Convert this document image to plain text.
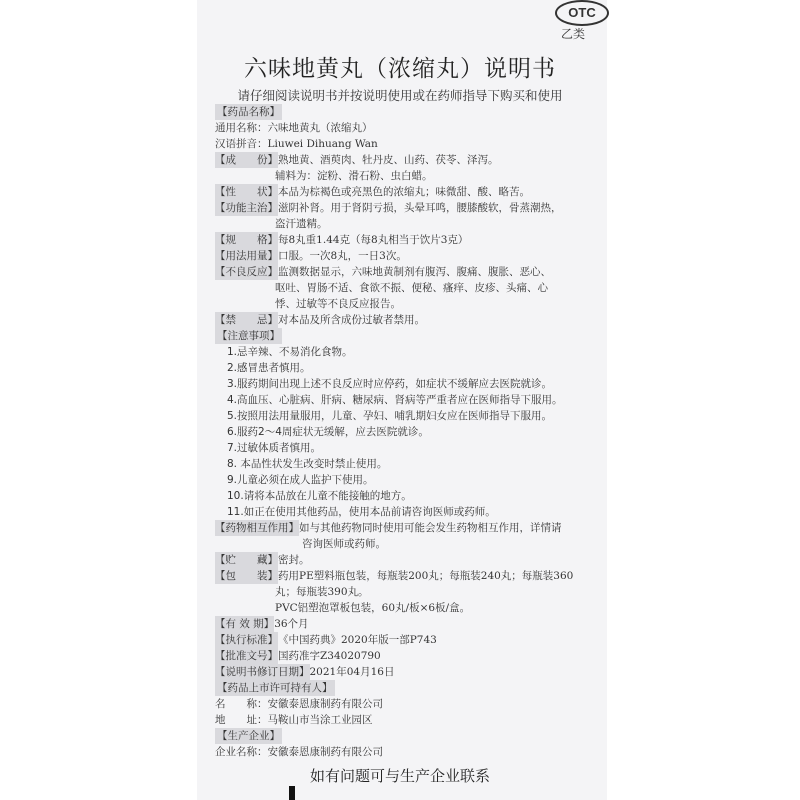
OTC
乙类
六味地黄丸（浓缩丸）说明书
请仔细阅读说明书并按说明使用或在药师指导下购买和使用
【药品名称】
通用名称：六味地黄丸（浓缩丸）
汉语拼音：Liuwei Dihuang Wan
【成　　份】熟地黄、酒萸肉、牡丹皮、山药、茯苓、泽泻。
辅料为：淀粉、滑石粉、虫白蜡。
【性　　状】本品为棕褐色或亮黑色的浓缩丸；味微甜、酸、略苦。
【功能主治】滋阴补肾。用于肾阴亏损，头晕耳鸣，腰膝酸软，骨蒸潮热，
盗汗遗精。
【规　　格】每8丸重1.44克（每8丸相当于饮片3克）
【用法用量】口服。一次8丸，一日3次。
【不良反应】监测数据显示，六味地黄制剂有腹泻、腹痛、腹胀、恶心、
呕吐、胃肠不适、食欲不振、便秘、瘙痒、皮疹、头痛、心
悸、过敏等不良反应报告。
【禁　　忌】对本品及所含成份过敏者禁用。
【注意事项】
1.忌辛辣、不易消化食物。
2.感冒患者慎用。
3.服药期间出现上述不良反应时应停药，如症状不缓解应去医院就诊。
4.高血压、心脏病、肝病、糖尿病、肾病等严重者应在医师指导下服用。
5.按照用法用量服用，儿童、孕妇、哺乳期妇女应在医师指导下服用。
6.服药2～4周症状无缓解，应去医院就诊。
7.过敏体质者慎用。
8. 本品性状发生改变时禁止使用。
9.儿童必须在成人监护下使用。
10.请将本品放在儿童不能接触的地方。
11.如正在使用其他药品，使用本品前请咨询医师或药师。
【药物相互作用】如与其他药物同时使用可能会发生药物相互作用，详情请
咨询医师或药师。
【贮　　藏】密封。
【包　　装】药用PE塑料瓶包装，每瓶装200丸；每瓶装240丸；每瓶装360
丸；每瓶装390丸。
PVC铝塑泡罩板包装，60丸/板×6板/盒。
【有 效 期】36个月
【执行标准】《中国药典》2020年版一部P743
【批准文号】国药准字Z34020790
【说明书修订日期】2021年04月16日
【药品上市许可持有人】
名　　称：安徽泰恩康制药有限公司
地　　址：马鞍山市当涂工业园区
【生产企业】
企业名称：安徽泰恩康制药有限公司
如有问题可与生产企业联系
